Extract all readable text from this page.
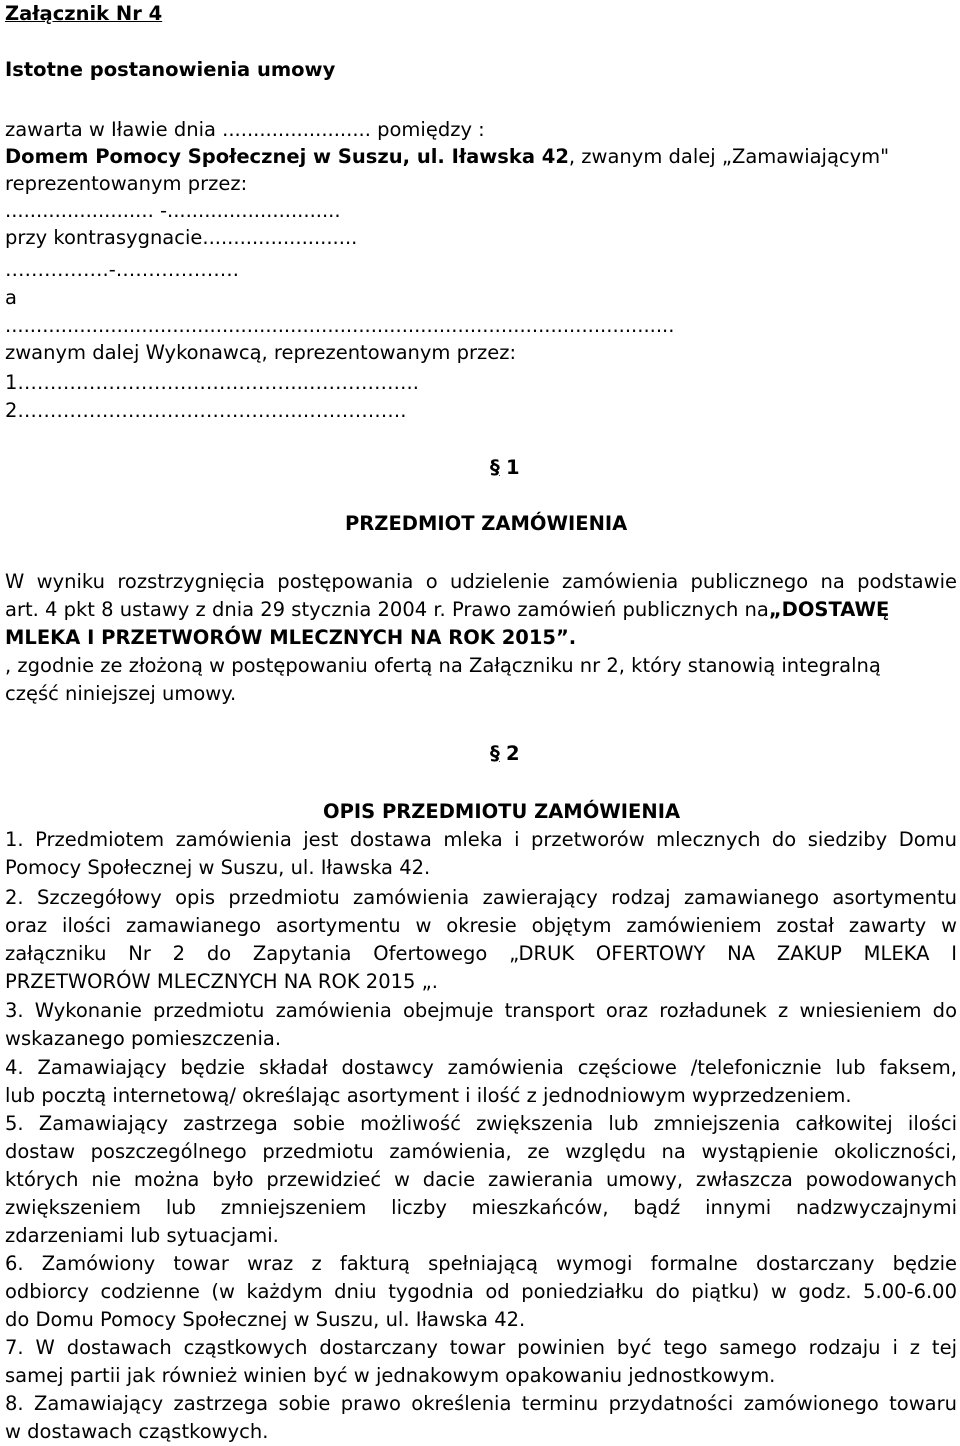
Załącznik Nr 4
Istotne postanowienia umowy
zawarta w Iławie dnia ........................ pomiędzy :
Domem Pomocy Społecznej w Suszu, ul. Iławska 42, zwanym dalej „Zamawiającym"
reprezentowanym przez:
........................ -............................
przy kontrasygnacie.........................
…………….-……………….
a
............................................................................................................
zwanym dalej Wykonawcą, reprezentowanym przez:
1……………………………………...……………..
2……………………………………..…………….
§ 1
PRZEDMIOT ZAMÓWIENIA
W wyniku rozstrzygnięcia postępowania o udzielenie zamówienia publicznego na podstawie
art. 4 pkt 8 ustawy z dnia 29 stycznia 2004 r. Prawo zamówień publicznych na„DOSTAWĘ
MLEKA I PRZETWORÓW MLECZNYCH NA ROK 2015”.
, zgodnie ze złożoną w postępowaniu ofertą na Załączniku nr 2, który stanowią integralną
część niniejszej umowy.
§ 2
OPIS PRZEDMIOTU ZAMÓWIENIA
1. Przedmiotem zamówienia jest dostawa mleka i przetworów mlecznych do siedziby Domu
Pomocy Społecznej w Suszu, ul. Iławska 42.
2. Szczegółowy opis przedmiotu zamówienia zawierający rodzaj zamawianego asortymentu
oraz ilości zamawianego asortymentu w okresie objętym zamówieniem został zawarty w
załączniku Nr 2 do Zapytania Ofertowego „DRUK OFERTOWY NA ZAKUP MLEKA I
PRZETWORÓW MLECZNYCH NA ROK 2015 „.
3. Wykonanie przedmiotu zamówienia obejmuje transport oraz rozładunek z wniesieniem do
wskazanego pomieszczenia.
4. Zamawiający będzie składał dostawcy zamówienia częściowe /telefonicznie lub faksem,
lub pocztą internetową/ określając asortyment i ilość z jednodniowym wyprzedzeniem.
5. Zamawiający zastrzega sobie możliwość zwiększenia lub zmniejszenia całkowitej ilości
dostaw poszczególnego przedmiotu zamówienia, ze względu na wystąpienie okoliczności,
których nie można było przewidzieć w dacie zawierania umowy, zwłaszcza powodowanych
zwiększeniem lub zmniejszeniem liczby mieszkańców, bądź innymi nadzwyczajnymi
zdarzeniami lub sytuacjami.
6. Zamówiony towar wraz z fakturą spełniającą wymogi formalne dostarczany będzie
odbiorcy codzienne (w każdym dniu tygodnia od poniedziałku do piątku) w godz. 5.00-6.00
do Domu Pomocy Społecznej w Suszu, ul. Iławska 42.
7. W dostawach cząstkowych dostarczany towar powinien być tego samego rodzaju i z tej
samej partii jak również winien być w jednakowym opakowaniu jednostkowym.
8. Zamawiający zastrzega sobie prawo określenia terminu przydatności zamówionego towaru
w dostawach cząstkowych.
